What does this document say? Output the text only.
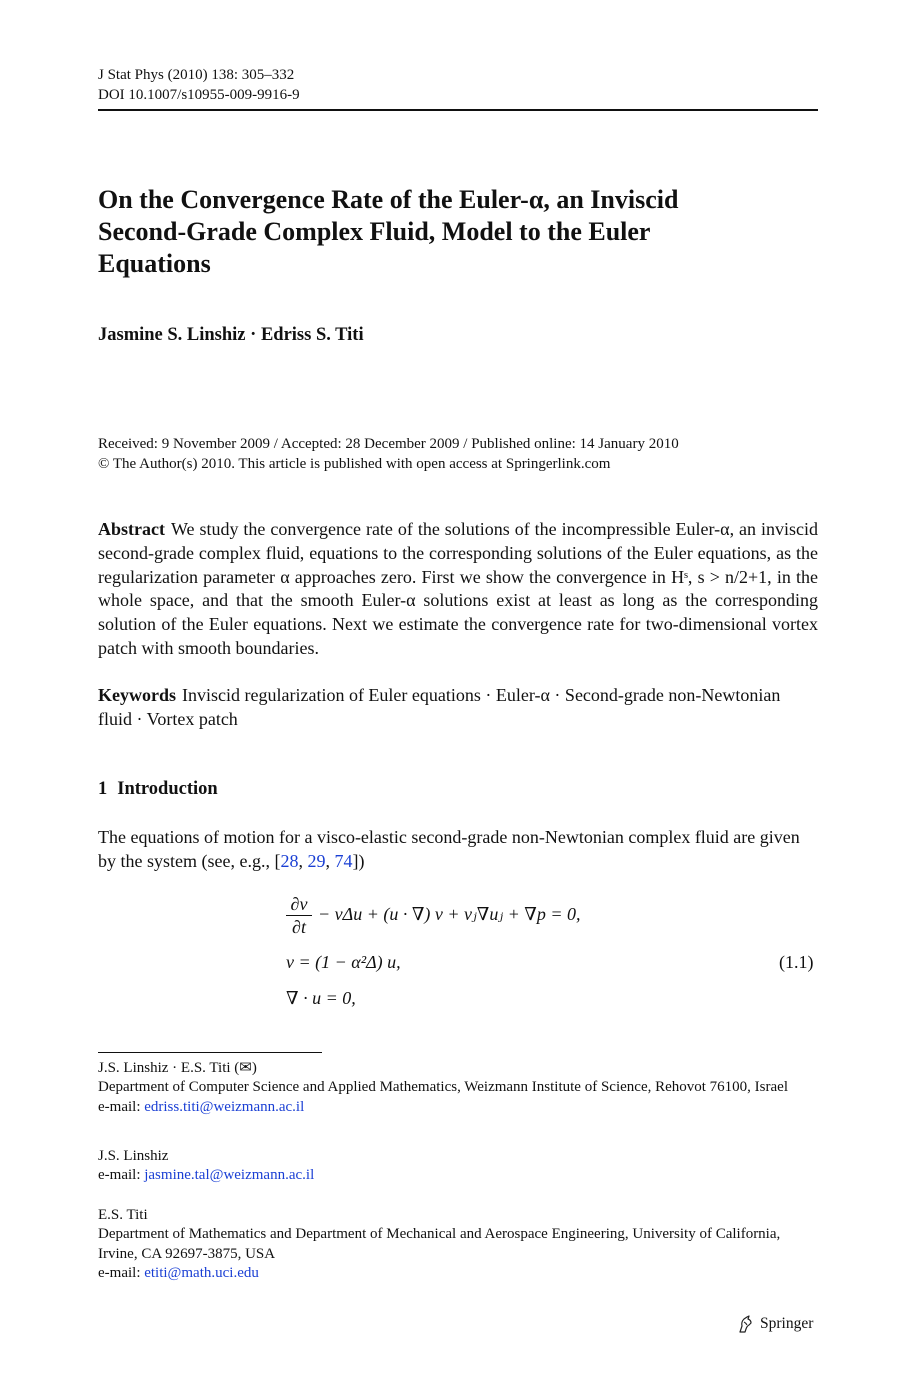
J Stat Phys (2010) 138: 305–332
DOI 10.1007/s10955-009-9916-9
On the Convergence Rate of the Euler-α, an Inviscid
Second-Grade Complex Fluid, Model to the Euler
Equations
Jasmine S. Linshiz · Edriss S. Titi
Received: 9 November 2009 / Accepted: 28 December 2009 / Published online: 14 January 2010
© The Author(s) 2010. This article is published with open access at Springerlink.com
Abstract We study the convergence rate of the solutions of the incompressible Euler-α, an inviscid second-grade complex fluid, equations to the corresponding solutions of the Euler equations, as the regularization parameter α approaches zero. First we show the convergence in Hˢ, s > n/2+1, in the whole space, and that the smooth Euler-α solutions exist at least as long as the corresponding solution of the Euler equations. Next we estimate the convergence rate for two-dimensional vortex patch with smooth boundaries.
Keywords Inviscid regularization of Euler equations · Euler-α · Second-grade non-Newtonian fluid · Vortex patch
1 Introduction
The equations of motion for a visco-elastic second-grade non-Newtonian complex fluid are given by the system (see, e.g., [28, 29, 74])
∂v
∂t
− νΔu + (u · ∇) v + vⱼ∇uⱼ + ∇p = 0,
v = (1 − α²Δ) u,
∇ · u = 0,
(1.1)
J.S. Linshiz · E.S. Titi (✉)
Department of Computer Science and Applied Mathematics, Weizmann Institute of Science, Rehovot 76100, Israel
e-mail: edriss.titi@weizmann.ac.il
J.S. Linshiz
e-mail: jasmine.tal@weizmann.ac.il
E.S. Titi
Department of Mathematics and Department of Mechanical and Aerospace Engineering, University of California, Irvine, CA 92697-3875, USA
e-mail: etiti@math.uci.edu
Springer
